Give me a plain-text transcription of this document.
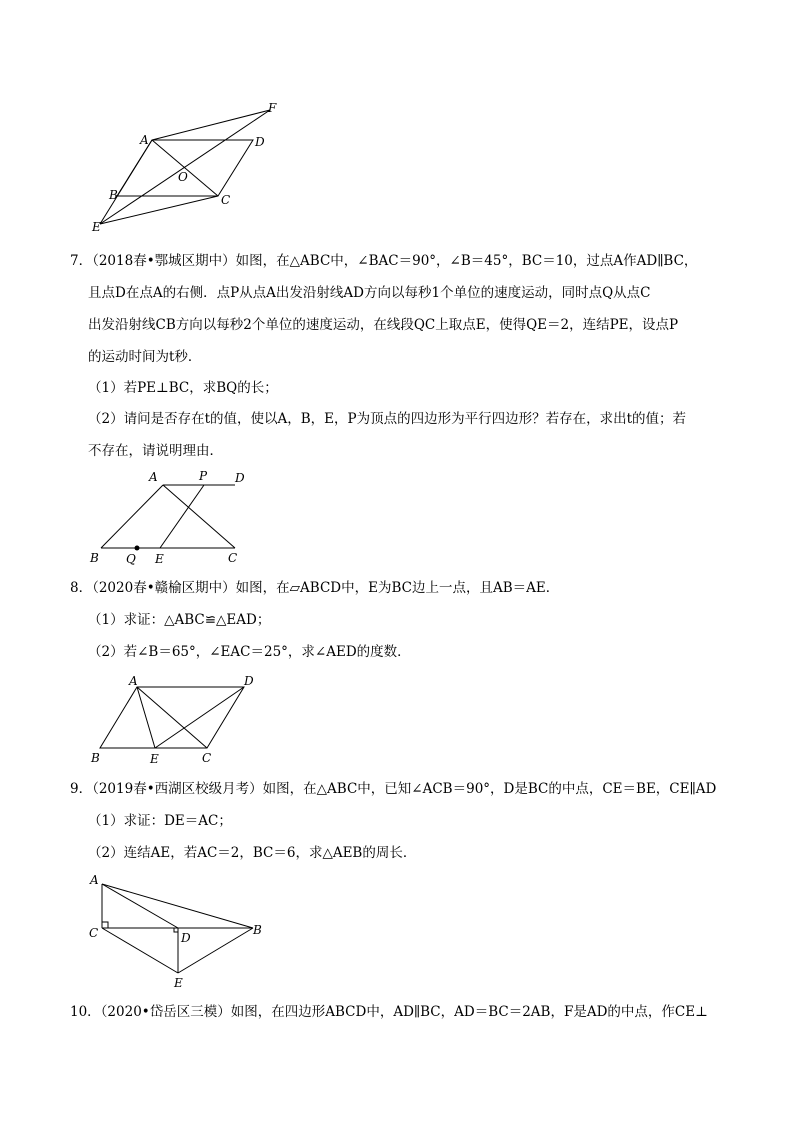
A	D
F
O
B	C
E
7．（2018春•鄂城区期中）如图，在△ABC中，∠BAC＝90°，∠B＝45°，BC＝10，过点A作AD∥BC，
且点D在点A的右侧．点P从点A出发沿射线AD方向以每秒1个单位的速度运动，同时点Q从点C
出发沿射线CB方向以每秒2个单位的速度运动，在线段QC上取点E，使得QE＝2，连结PE，设点P
的运动时间为t秒．
（1）若PE⊥BC，求BQ的长；
（2）请问是否存在t的值，使以A，B，E，P为顶点的四边形为平行四边形？若存在，求出t的值；若
不存在，请说明理由．
A	P D
B Q E	C
8．（2020春•赣榆区期中）如图，在▱ABCD中，E为BC边上一点，且AB＝AE．
（1）求证：△ABC≌△EAD；
（2）若∠B＝65°，∠EAC＝25°，求∠AED的度数．
A	D
B	E	C
9．（2019春•西湖区校级月考）如图，在△ABC中，已知∠ACB＝90°，D是BC的中点，CE＝BE，CE∥AD
（1）求证：DE＝AC；
（2）连结AE，若AC＝2，BC＝6，求△AEB的周长．
A
C	D
B
E
10．（2020•岱岳区三模）如图，在四边形ABCD中，AD∥BC，AD＝BC＝2AB，F是AD的中点，作CE⊥
